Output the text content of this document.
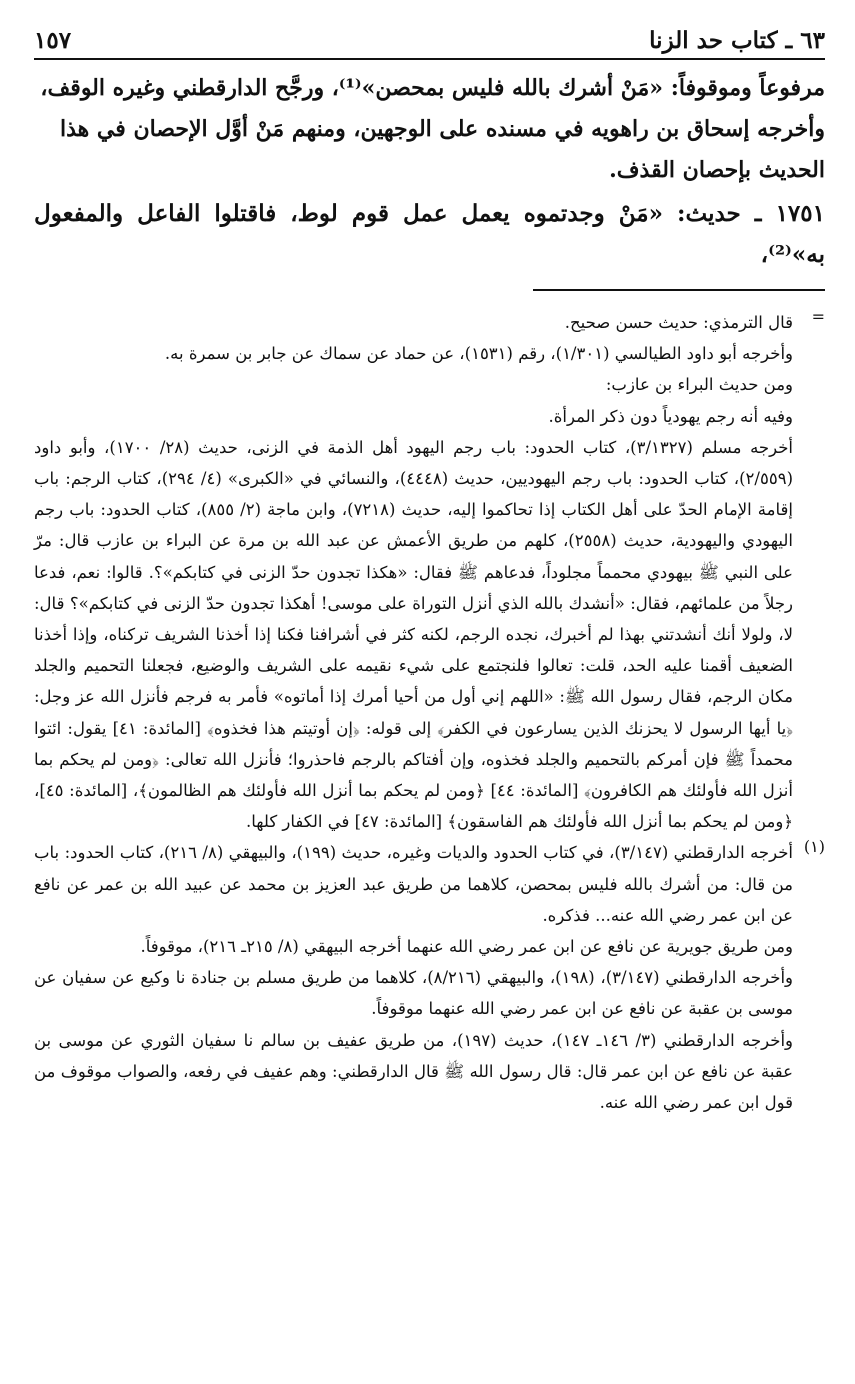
١٥٧	٦٣ ـ كتاب حد الزنا

مرفوعاً وموقوفاً: «مَنْ أشرك بالله فليس بمحصن»⁽¹⁾، ورجَّح الدارقطني وغيره الوقف،

وأخرجه إسحاق بن راهويه في مسنده على الوجهين، ومنهم مَنْ أوَّل الإحصان في هذا

الحديث بإحصان القذف.

١٧٥١ ـ حديث: «مَنْ وجدتموه يعمل عمل قوم لوط، فاقتلوا الفاعل والمفعول به»⁽²⁾،

=

قال الترمذي: حديث حسن صحيح.

وأخرجه أبو داود الطيالسي (١/٣٠١)، رقم (١٥٣١)، عن حماد عن سماك عن جابر بن سمرة به.

ومن حديث البراء بن عازب:

وفيه أنه رجم يهودياً دون ذكر المرأة.

أخرجه مسلم (٣/١٣٢٧)، كتاب الحدود: باب رجم اليهود أهل الذمة في الزنى، حديث (٢٨/ ١٧٠٠)، وأبو داود (٢/٥٥٩)، كتاب الحدود: باب رجم اليهوديين، حديث (٤٤٤٨)، والنسائي في «الكبرى» (٤/ ٢٩٤)، كتاب الرجم: باب إقامة الإمام الحدّ على أهل الكتاب إذا تحاكموا إليه، حديث (٧٢١٨)، وابن ماجة (٢/ ٨٥٥)، كتاب الحدود: باب رجم اليهودي واليهودية، حديث (٢٥٥٨)، كلهم من طريق الأعمش عن عبد الله بن مرة عن البراء بن عازب قال: مرّ على النبي ﷺ بيهودي محمماً مجلوداً، فدعاهم ﷺ فقال: «هكذا تجدون حدّ الزنى في كتابكم»؟. قالوا: نعم، فدعا رجلاً من علمائهم، فقال: «أنشدك بالله الذي أنزل التوراة على موسى! أهكذا تجدون حدّ الزنى في كتابكم»؟ قال: لا، ولولا أنك أنشدتني بهذا لم أخبرك، نجده الرجم، لكنه كثر في أشرافنا فكنا إذا أخذنا الشريف تركناه، وإذا أخذنا الضعيف أقمنا عليه الحد، قلت: تعالوا فلنجتمع على شيء نقيمه على الشريف والوضيع، فجعلنا التحميم والجلد مكان الرجم، فقال رسول الله ﷺ: «اللهم إني أول من أحيا أمرك إذا أماتوه» فأمر به فرجم فأنزل الله عز وجل: ﴿يا أيها الرسول لا يحزنك الذين يسارعون في الكفر﴾ إلى قوله: ﴿إن أوتيتم هذا فخذوه﴾ [المائدة: ٤١] يقول: ائتوا محمداً ﷺ فإن أمركم بالتحميم والجلد فخذوه، وإن أفتاكم بالرجم فاحذروا؛ فأنزل الله تعالى: ﴿ومن لم يحكم بما أنزل الله فأولئك هم الكافرون﴾ [المائدة: ٤٤] ﴿ومن لم يحكم بما أنزل الله فأولئك هم الظالمون﴾، [المائدة: ٤٥]، ﴿ومن لم يحكم بما أنزل الله فأولئك هم الفاسقون﴾ [المائدة: ٤٧] في الكفار كلها.

(١)

أخرجه الدارقطني (٣/١٤٧)، في كتاب الحدود والديات وغيره، حديث (١٩٩)، والبيهقي (٨/ ٢١٦)، كتاب الحدود: باب من قال: من أشرك بالله فليس بمحصن، كلاهما من طريق عبد العزيز بن محمد عن عبيد الله بن عمر عن نافع عن ابن عمر رضي الله عنه... فذكره.

ومن طريق جويرية عن نافع عن ابن عمر رضي الله عنهما أخرجه البيهقي (٨/ ٢١٥ـ ٢١٦)، موقوفاً.

وأخرجه الدارقطني (٣/١٤٧)، (١٩٨)، والبيهقي (٨/٢١٦)، كلاهما من طريق مسلم بن جنادة نا وكيع عن سفيان عن موسى بن عقبة عن نافع عن ابن عمر رضي الله عنهما موقوفاً.

وأخرجه الدارقطني (٣/ ١٤٦ـ ١٤٧)، حديث (١٩٧)، من طريق عفيف بن سالم نا سفيان الثوري عن موسى بن عقبة عن نافع عن ابن عمر قال: قال رسول الله ﷺ قال الدارقطني: وهم عفيف في رفعه، والصواب موقوف من قول ابن عمر رضي الله عنه.
